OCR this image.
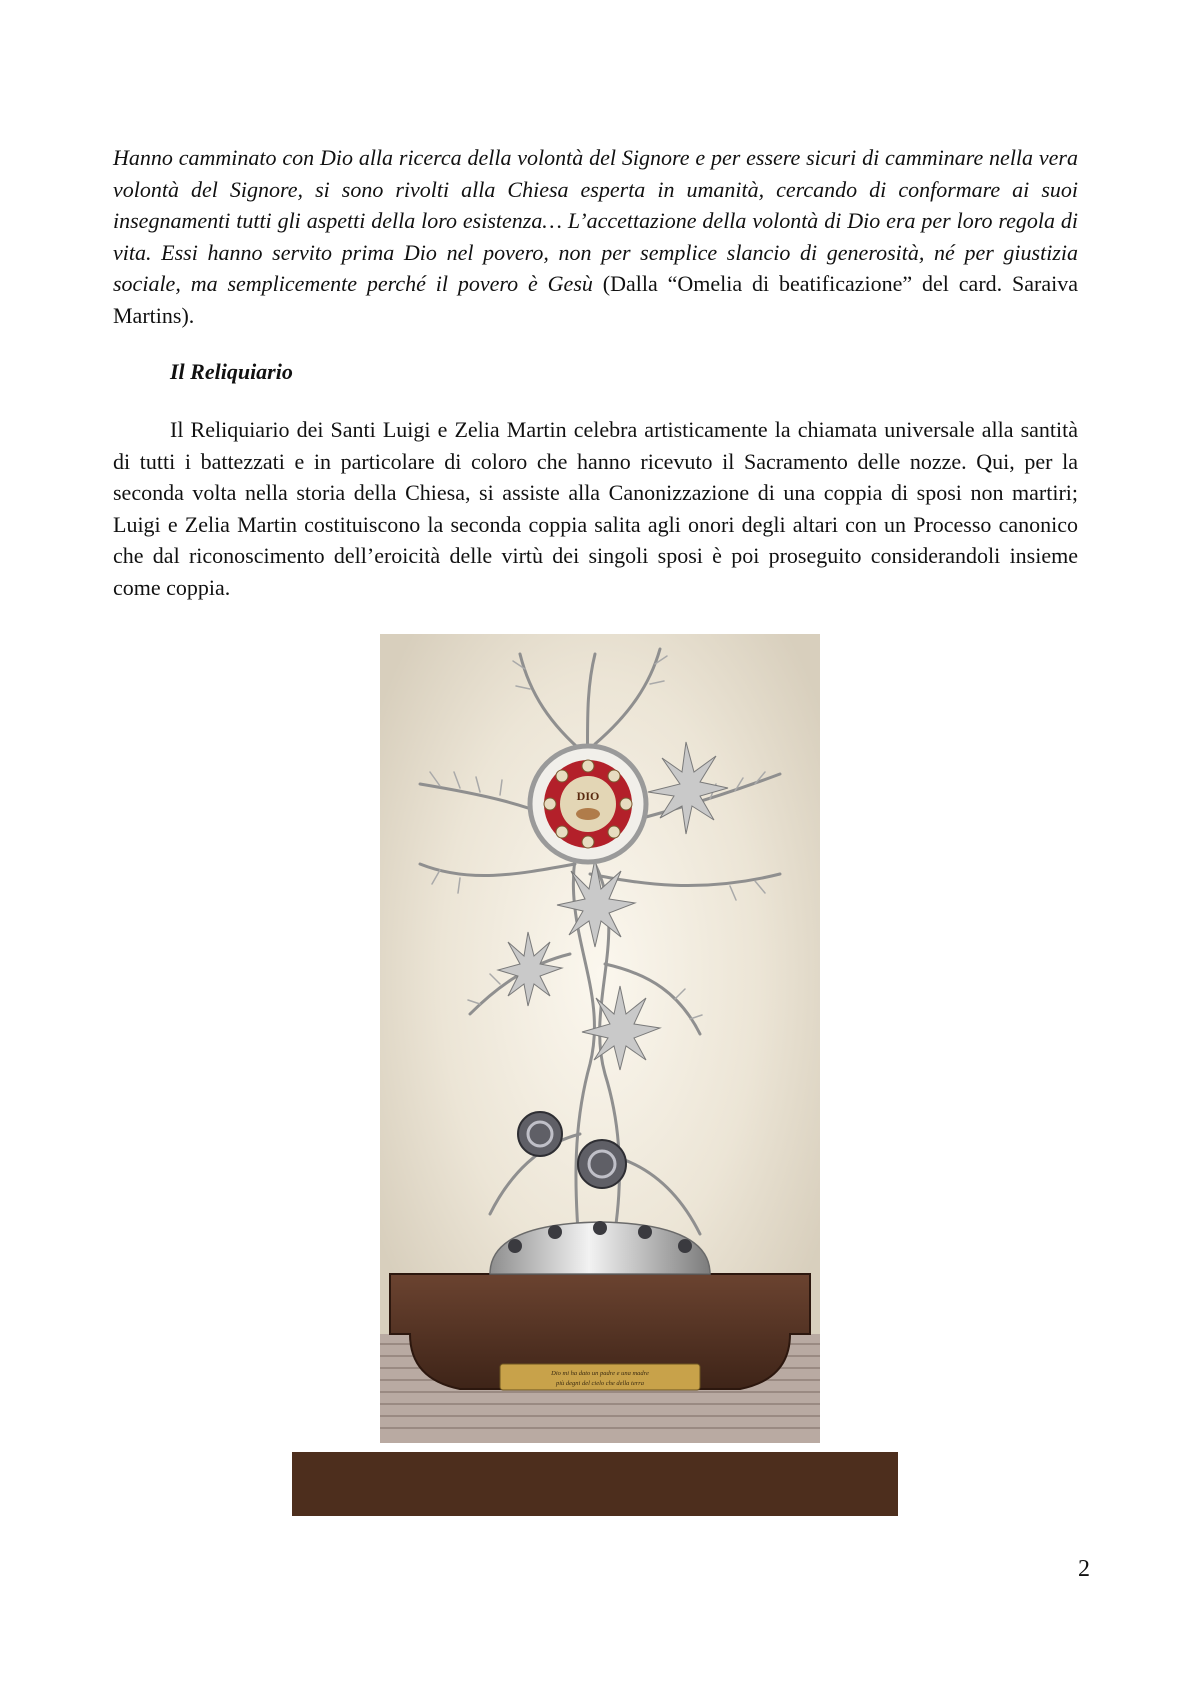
Hanno camminato con Dio alla ricerca della volontà del Signore e per essere sicuri di camminare nella vera volontà del Signore, si sono rivolti alla Chiesa esperta in umanità, cercando di conformare ai suoi insegnamenti tutti gli aspetti della loro esistenza… L’accettazione della volontà di Dio era per loro regola di vita. Essi hanno servito prima Dio nel povero, non per semplice slancio di generosità, né per giustizia sociale, ma semplicemente perché il povero è Gesù (Dalla “Omelia di beatificazione” del card. Saraiva Martins).

Il Reliquiario

Il Reliquiario dei Santi Luigi e Zelia Martin celebra artisticamente la chiamata universale alla santità di tutti i battezzati e in particolare di coloro che hanno ricevuto il Sacramento delle nozze. Qui, per la seconda volta nella storia della Chiesa, si assiste alla Canonizzazione di una coppia di sposi non martiri; Luigi e Zelia Martin costituiscono la seconda coppia salita agli onori degli altari con un Processo canonico che dal riconoscimento dell’eroicità delle virtù dei singoli sposi è poi proseguito considerandoli insieme come coppia.

DIO
Dio mi ha dato un padre e una madre
più degni del cielo che della terra
2
